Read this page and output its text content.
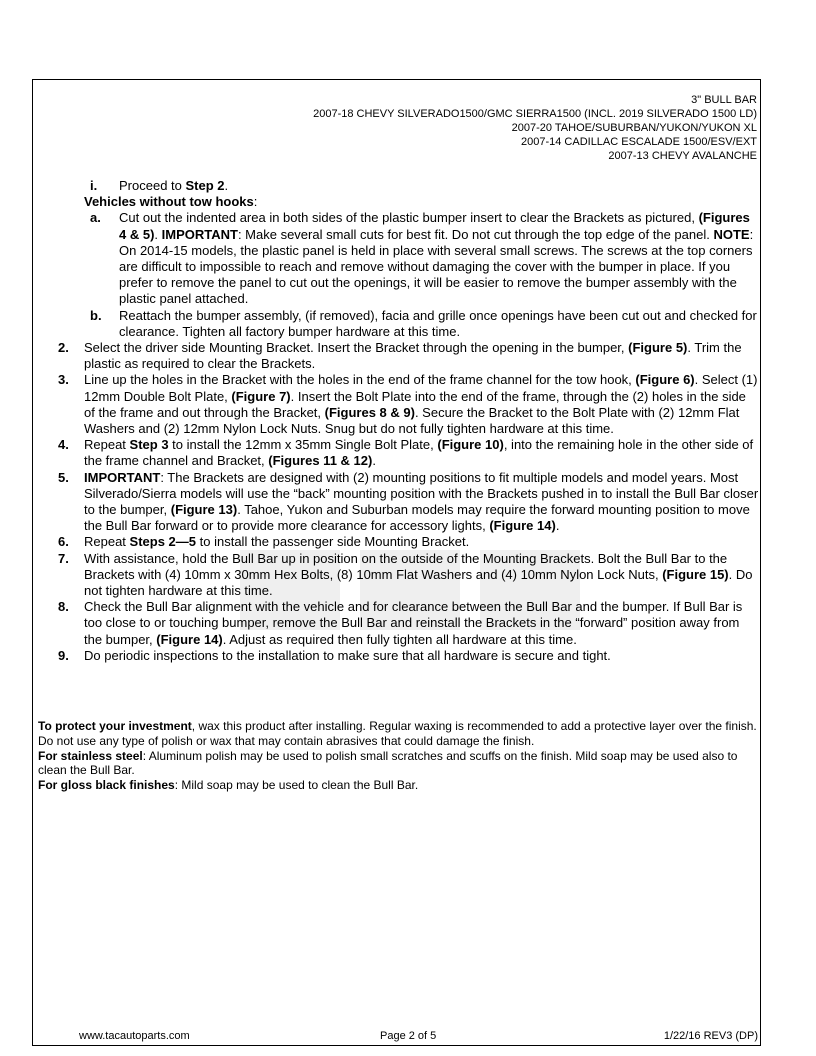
3" BULL BAR
2007-18 CHEVY SILVERADO1500/GMC SIERRA1500 (INCL. 2019 SILVERADO 1500 LD)
2007-20 TAHOE/SUBURBAN/YUKON/YUKON XL
2007-14 CADILLAC ESCALADE 1500/ESV/EXT
2007-13 CHEVY AVALANCHE
i. Proceed to Step 2.
Vehicles without tow hooks:
a. Cut out the indented area in both sides of the plastic bumper insert to clear the Brackets as pictured, (Figures 4 & 5). IMPORTANT: Make several small cuts for best fit. Do not cut through the top edge of the panel. NOTE: On 2014-15 models, the plastic panel is held in place with several small screws. The screws at the top corners are difficult to impossible to reach and remove without damaging the cover with the bumper in place. If you prefer to remove the panel to cut out the openings, it will be easier to remove the bumper assembly with the plastic panel attached.
b. Reattach the bumper assembly, (if removed), facia and grille once openings have been cut out and checked for clearance. Tighten all factory bumper hardware at this time.
2. Select the driver side Mounting Bracket. Insert the Bracket through the opening in the bumper, (Figure 5). Trim the plastic as required to clear the Brackets.
3. Line up the holes in the Bracket with the holes in the end of the frame channel for the tow hook, (Figure 6). Select (1) 12mm Double Bolt Plate, (Figure 7). Insert the Bolt Plate into the end of the frame, through the (2) holes in the side of the frame and out through the Bracket, (Figures 8 & 9). Secure the Bracket to the Bolt Plate with (2) 12mm Flat Washers and (2) 12mm Nylon Lock Nuts. Snug but do not fully tighten hardware at this time.
4. Repeat Step 3 to install the 12mm x 35mm Single Bolt Plate, (Figure 10), into the remaining hole in the other side of the frame channel and Bracket, (Figures 11 & 12).
5. IMPORTANT: The Brackets are designed with (2) mounting positions to fit multiple models and model years. Most Silverado/Sierra models will use the “back” mounting position with the Brackets pushed in to install the Bull Bar closer to the bumper, (Figure 13). Tahoe, Yukon and Suburban models may require the forward mounting position to move the Bull Bar forward or to provide more clearance for accessory lights, (Figure 14).
6. Repeat Steps 2—5 to install the passenger side Mounting Bracket.
7. With assistance, hold the Bull Bar up in position on the outside of the Mounting Brackets. Bolt the Bull Bar to the Brackets with (4) 10mm x 30mm Hex Bolts, (8) 10mm Flat Washers and (4) 10mm Nylon Lock Nuts, (Figure 15). Do not tighten hardware at this time.
8. Check the Bull Bar alignment with the vehicle and for clearance between the Bull Bar and the bumper. If Bull Bar is too close to or touching bumper, remove the Bull Bar and reinstall the Brackets in the “forward” position away from the bumper, (Figure 14). Adjust as required then fully tighten all hardware at this time.
9. Do periodic inspections to the installation to make sure that all hardware is secure and tight.

To protect your investment, wax this product after installing. Regular waxing is recommended to add a protective layer over the finish. Do not use any type of polish or wax that may contain abrasives that could damage the finish.

For stainless steel: Aluminum polish may be used to polish small scratches and scuffs on the finish. Mild soap may be used also to clean the Bull Bar.

For gloss black finishes: Mild soap may be used to clean the Bull Bar.

www.tacautoparts.com	Page 2 of 5	1/22/16 REV3 (DP)
